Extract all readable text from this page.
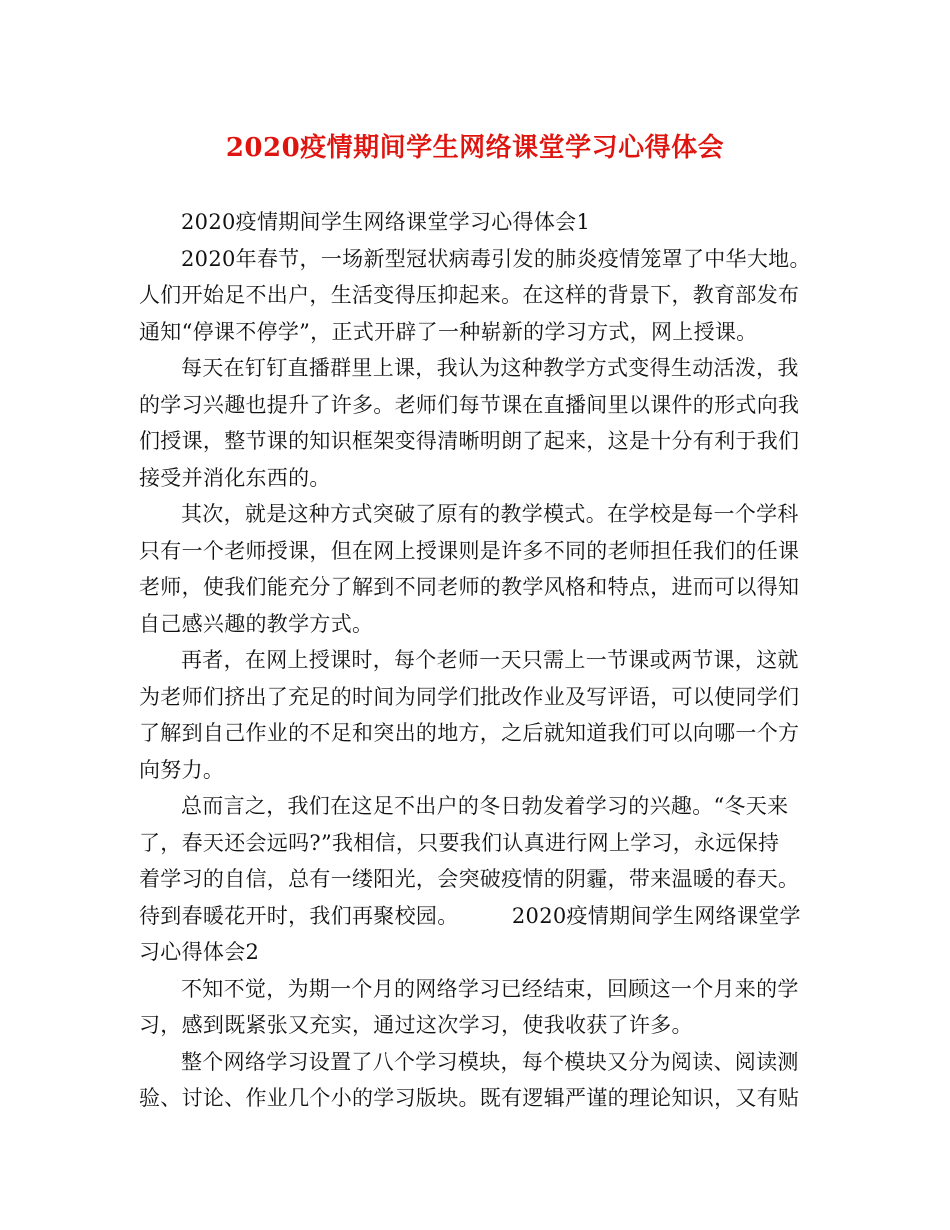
2020疫情期间学生网络课堂学习心得体会
2020疫情期间学生网络课堂学习心得体会1
2020年春节，一场新型冠状病毒引发的肺炎疫情笼罩了中华大地。
人们开始足不出户，生活变得压抑起来。在这样的背景下，教育部发布
通知“停课不停学”，正式开辟了一种崭新的学习方式，网上授课。
每天在钉钉直播群里上课，我认为这种教学方式变得生动活泼，我
的学习兴趣也提升了许多。老师们每节课在直播间里以课件的形式向我
们授课，整节课的知识框架变得清晰明朗了起来，这是十分有利于我们
接受并消化东西的。
其次，就是这种方式突破了原有的教学模式。在学校是每一个学科
只有一个老师授课，但在网上授课则是许多不同的老师担任我们的任课
老师，使我们能充分了解到不同老师的教学风格和特点，进而可以得知
自己感兴趣的教学方式。
再者，在网上授课时，每个老师一天只需上一节课或两节课，这就
为老师们挤出了充足的时间为同学们批改作业及写评语，可以使同学们
了解到自己作业的不足和突出的地方，之后就知道我们可以向哪一个方
向努力。
总而言之，我们在这足不出户的冬日勃发着学习的兴趣。“冬天来
了，春天还会远吗?”我相信，只要我们认真进行网上学习，永远保持
着学习的自信，总有一缕阳光，会突破疫情的阴霾，带来温暖的春天。
待到春暖花开时，我们再聚校园。　　　2020疫情期间学生网络课堂学
习心得体会2
不知不觉，为期一个月的网络学习已经结束，回顾这一个月来的学
习，感到既紧张又充实，通过这次学习，使我收获了许多。
整个网络学习设置了八个学习模块，每个模块又分为阅读、阅读测
验、讨论、作业几个小的学习版块。既有逻辑严谨的理论知识，又有贴
